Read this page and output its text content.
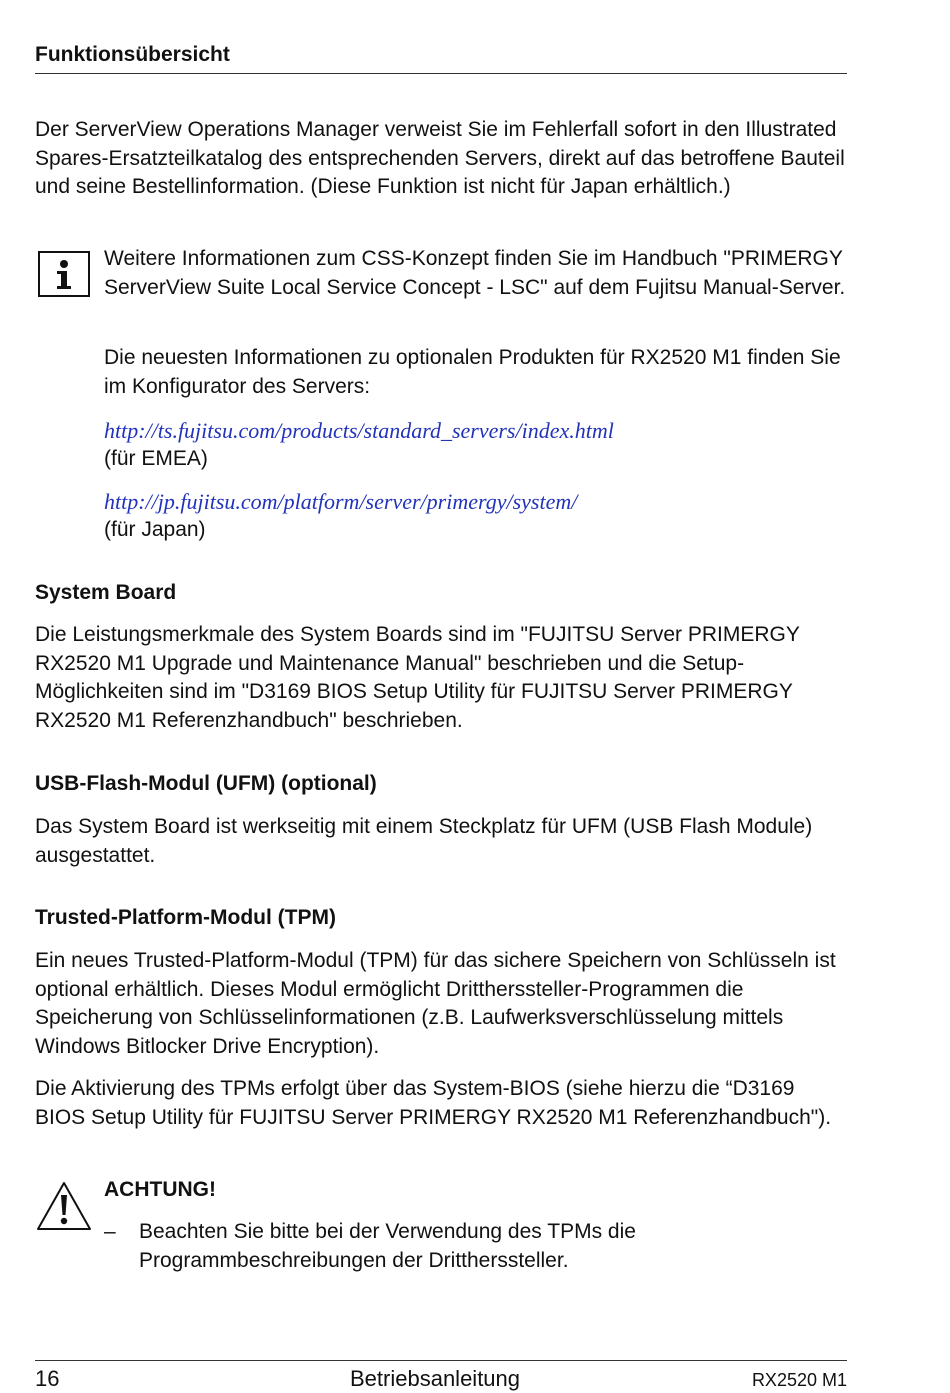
Funktionsübersicht

Der ServerView Operations Manager verweist Sie im Fehlerfall sofort in den Illustrated Spares-Ersatzteilkatalog des entsprechenden Servers, direkt auf das betroffene Bauteil und seine Bestellinformation. (Diese Funktion ist nicht für Japan erhältlich.)

Weitere Informationen zum CSS-Konzept finden Sie im Handbuch "PRIMERGY ServerView Suite Local Service Concept - LSC" auf dem Fujitsu Manual-Server.

Die neuesten Informationen zu optionalen Produkten für RX2520 M1 finden Sie im Konfigurator des Servers:

http://ts.fujitsu.com/products/standard_servers/index.html
(für EMEA)
http://jp.fujitsu.com/platform/server/primergy/system/
(für Japan)
System Board

Die Leistungsmerkmale des System Boards sind im "FUJITSU Server PRIMERGY RX2520 M1 Upgrade und Maintenance Manual" beschrieben und die Setup-Möglichkeiten sind im "D3169 BIOS Setup Utility für FUJITSU Server PRIMERGY RX2520 M1 Referenzhandbuch" beschrieben.

USB-Flash-Modul (UFM) (optional)

Das System Board ist werkseitig mit einem Steckplatz für UFM (USB Flash Module) ausgestattet.

Trusted-Platform-Modul (TPM)

Ein neues Trusted-Platform-Modul (TPM) für das sichere Speichern von Schlüsseln ist optional erhältlich. Dieses Modul ermöglicht Drittherssteller-Programmen die Speicherung von Schlüsselinformationen (z.B. Laufwerksverschlüsselung mittels Windows Bitlocker Drive Encryption).

Die Aktivierung des TPMs erfolgt über das System-BIOS (siehe hierzu die “D3169 BIOS Setup Utility für FUJITSU Server PRIMERGY RX2520 M1 Referenzhandbuch").

ACHTUNG!
– Beachten Sie bitte bei der Verwendung des TPMs die Programmbeschreibungen der Drittherssteller.
16	Betriebsanleitung	RX2520 M1
